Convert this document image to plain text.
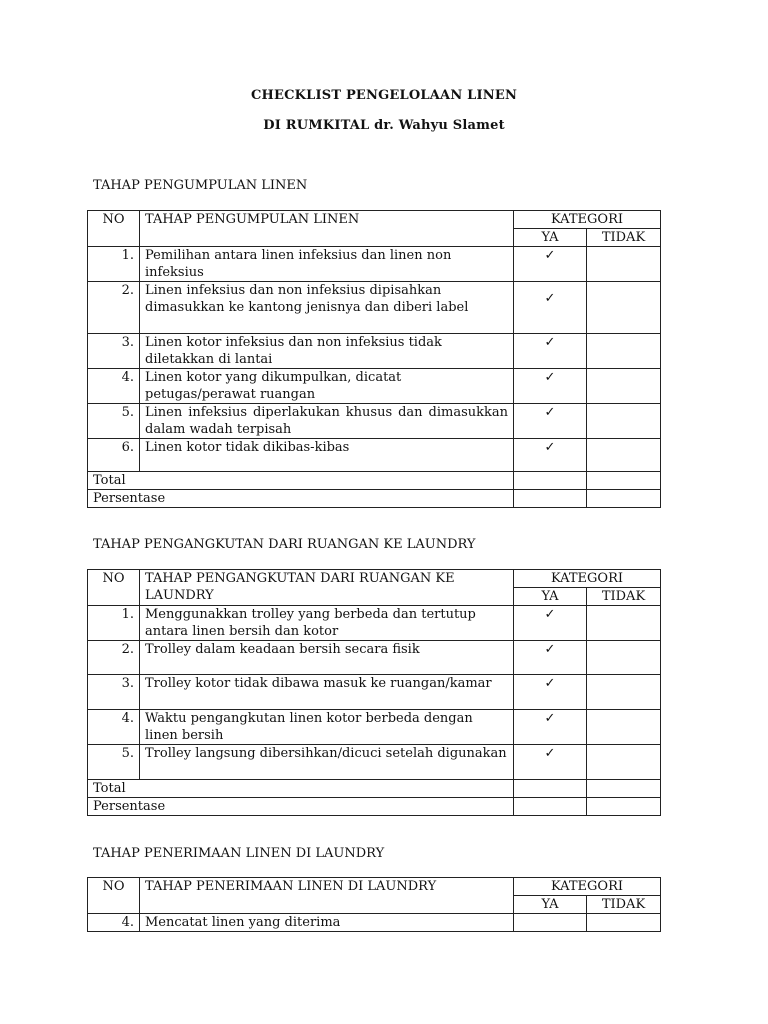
CHECKLIST PENGELOLAAN LINEN
DI RUMKITAL dr. Wahyu Slamet
TAHAP PENGUMPULAN LINEN
NO	TAHAP PENGUMPULAN LINEN	KATEGORI	
		YA	TIDAK
1.	Pemilihan antara linen infeksius dan linen non infeksius	✓	
2.	Linen infeksius dan non infeksius dipisahkan dimasukkan ke kantong jenisnya dan diberi label	✓	
3.	Linen kotor infeksius dan non infeksius tidak diletakkan di lantai	✓	
4.	Linen kotor yang dikumpulkan, dicatat petugas/perawat ruangan	✓	
5.	Linen infeksius diperlakukan khusus dan dimasukkan dalam wadah terpisah	✓	
6.	Linen kotor tidak dikibas-kibas	✓	
Total			
Persentase			
TAHAP PENGANGKUTAN DARI RUANGAN KE LAUNDRY
NO	TAHAP PENGANGKUTAN DARI RUANGAN KE LAUNDRY	KATEGORI	
		YA	TIDAK
1.	Menggunakkan trolley yang berbeda dan tertutup antara linen bersih dan kotor	✓	
2.	Trolley dalam keadaan bersih secara fisik	✓	
3.	Trolley kotor tidak dibawa masuk ke ruangan/kamar	✓	
4.	Waktu pengangkutan linen kotor berbeda dengan linen bersih	✓	
5.	Trolley langsung dibersihkan/dicuci setelah digunakan	✓	
Total			
Persentase			
TAHAP PENERIMAAN LINEN DI LAUNDRY
NO	TAHAP PENERIMAAN LINEN DI LAUNDRY	KATEGORI	
		YA	TIDAK
4.	Mencatat linen yang diterima		
